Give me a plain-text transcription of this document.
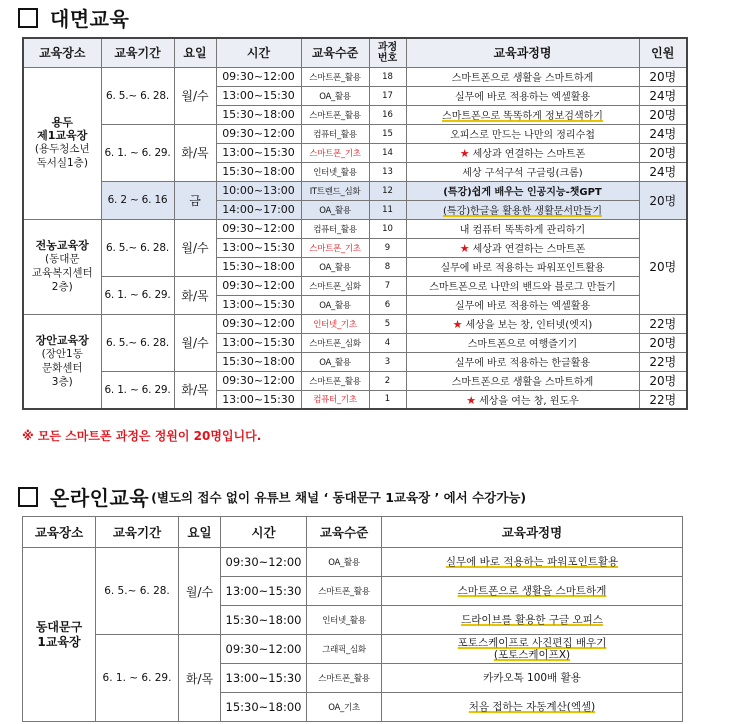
대면교육
교육장소	교육기간	요일	시간	교육수준	과정
번호	교육과정명	인원
용두
제1교육장
(용두청소년
독서실1층)	6. 5.~ 6. 28.	월/수	09:30~12:00	스마트폰_활용	18	스마트폰으로 생활을 스마트하게	20명
			13:00~15:30	OA_활용	17	실무에 바로 적용하는 엑셀활용	24명
			15:30~18:00	스마트폰_활용	16	스마트폰으로 똑똑하게 정보검색하기	20명
	6. 1. ~ 6. 29.	화/목	09:30~12:00	컴퓨터_활용	15	오피스로 만드는 나만의 정리수첩	24명
			13:00~15:30	스마트폰_기초	14	★ 세상과 연결하는 스마트폰	20명
			15:30~18:00	인터넷_활용	13	세상 구석구석 구글링(크롬)	24명
	6. 2 ~ 6. 16	금	10:00~13:00	IT트렌드_심화	12	(특강)쉽게 배우는 인공지능-챗GPT	20명
			14:00~17:00	OA_활용	11	(특강)한글을 활용한 생활문서만들기	
전농교육장
(동대문
교육복지센터
2층)	6. 5.~ 6. 28.	월/수	09:30~12:00	컴퓨터_활용	10	내 컴퓨터 똑똑하게 관리하기	20명
			13:00~15:30	스마트폰_기초	9	★ 세상과 연결하는 스마트폰	
			15:30~18:00	OA_활용	8	실무에 바로 적용하는 파워포인트활용	
	6. 1. ~ 6. 29.	화/목	09:30~12:00	스마트폰_심화	7	스마트폰으로 나만의 밴드와 블로그 만들기	
			13:00~15:30	OA_활용	6	실무에 바로 적용하는 엑셀활용	
장안교육장
(장안1동
문화센터
3층)	6. 5.~ 6. 28.	월/수	09:30~12:00	인터넷_기초	5	★ 세상을 보는 창, 인터넷(엣지)	22명
			13:00~15:30	스마트폰_심화	4	스마트폰으로 여행즐기기	20명
			15:30~18:00	OA_활용	3	실무에 바로 적용하는 한글활용	22명
	6. 1. ~ 6. 29.	화/목	09:30~12:00	스마트폰_활용	2	스마트폰으로 생활을 스마트하게	20명
			13:00~15:30	컴퓨터_기초	1	★ 세상을 여는 창, 윈도우	22명
※ 모든 스마트폰 과정은 정원이 20명입니다.
온라인교육 (별도의 접수 없이 유튜브 채널 ‘ 동대문구 1교육장 ’ 에서 수강가능)
교육장소	교육기간	요일	시간	교육수준	교육과정명
동대문구
1교육장	6. 5.~ 6. 28.	월/수	09:30~12:00	OA_활용	실무에 바로 적용하는 파워포인트활용
			13:00~15:30	스마트폰_활용	스마트폰으로 생활을 스마트하게
			15:30~18:00	인터넷_활용	드라이브를 활용한 구글 오피스
	6. 1. ~ 6. 29.	화/목	09:30~12:00	그래픽_심화	포토스케이프로 사진편집 배우기
(포토스케이프X)
			13:00~15:30	스마트폰_활용	카카오톡 100배 활용
			15:30~18:00	OA_기초	처음 접하는 자동계산(엑셀)
